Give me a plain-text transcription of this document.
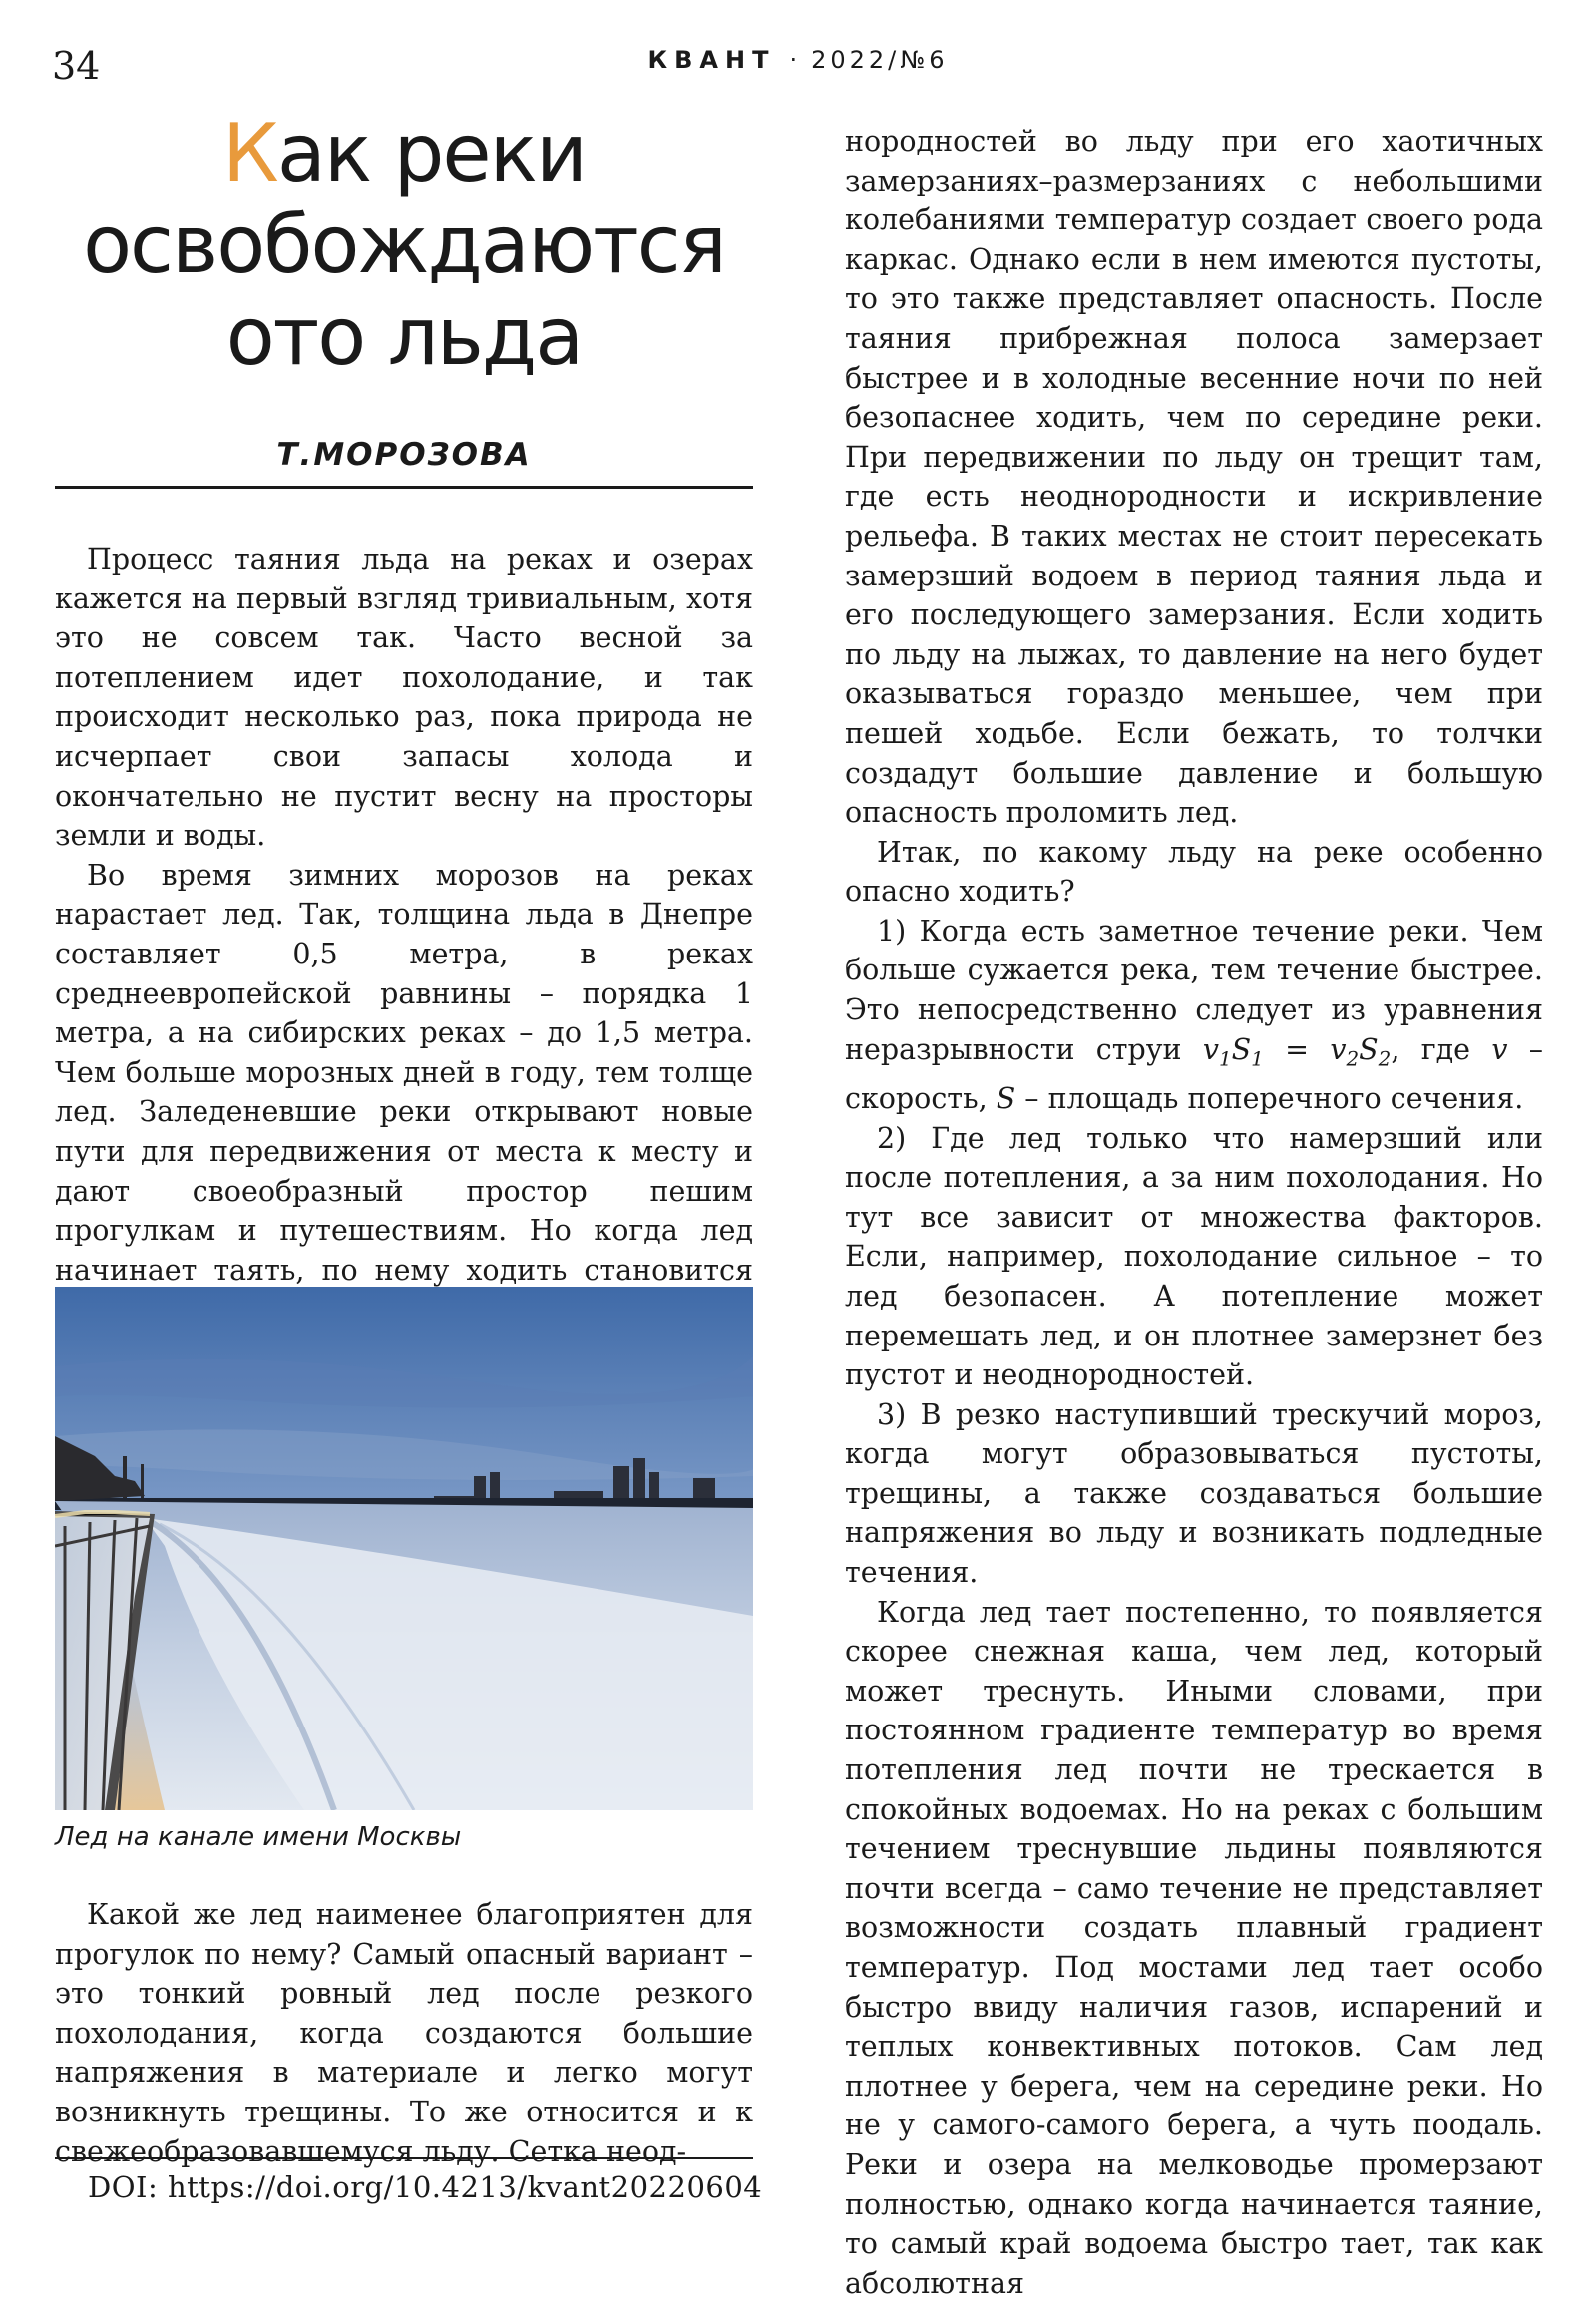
34	КВАНТ · 2022/№6
Как реки
освобождаются
ото льда
Т.МОРОЗОВА

Процесс таяния льда на реках и озерах кажется на первый взгляд тривиальным, хотя это не совсем так. Часто весной за потеплением идет похолодание, и так происходит несколько раз, пока природа не исчерпает свои запасы холода и окончательно не пустит весну на просторы земли и воды.

Во время зимних морозов на реках нарастает лед. Так, толщина льда в Днепре составляет 0,5 метра, в реках среднеевропейской равнины – порядка 1 метра, а на сибирских реках – до 1,5 метра. Чем больше морозных дней в году, тем толще лед. Заледеневшие реки открывают новые пути для передвижения от места к месту и дают своеобразный простор пешим прогулкам и путешествиям. Но когда лед начинает таять, по нему ходить становится

Лед на канале имени Москвы

Какой же лед наименее благоприятен для прогулок по нему? Самый опасный вариант – это тонкий ровный лед после резкого похолодания, когда создаются большие напряжения в материале и легко могут возникнуть трещины. То же относится и к свежеобразовавшемуся льду. Сетка неод-

DOI: https://doi.org/10.4213/kvant20220604

нородностей во льду при его хаотичных замерзаниях–размерзаниях с небольшими колебаниями температур создает своего рода каркас. Однако если в нем имеются пустоты, то это также представляет опасность. После таяния прибрежная полоса замерзает быстрее и в холодные весенние ночи по ней безопаснее ходить, чем по середине реки. При передвижении по льду он трещит там, где есть неоднородности и искривление рельефа. В таких местах не стоит пересекать замерзший водоем в период таяния льда и его последующего замерзания. Если ходить по льду на лыжах, то давление на него будет оказываться гораздо меньшее, чем при пешей ходьбе. Если бежать, то толчки создадут большие давление и большую опасность проломить лед.

Итак, по какому льду на реке особенно опасно ходить?

1) Когда есть заметное течение реки. Чем больше сужается река, тем течение быстрее. Это непосредственно следует из уравнения неразрывности струи $v_1S_1 = v_2S_2$, где v – скорость, S – площадь поперечного сечения.

2) Где лед только что намерзший или после потепления, а за ним похолодания. Но тут все зависит от множества факторов. Если, например, похолодание сильное – то лед безопасен. А потепление может перемешать лед, и он плотнее замерзнет без пустот и неоднородностей.

3) В резко наступивший трескучий мороз, когда могут образовываться пустоты, трещины, а также создаваться большие напряжения во льду и возникать подледные течения.

Когда лед тает постепенно, то появляется скорее снежная каша, чем лед, который может треснуть. Иными словами, при постоянном градиенте температур во время потепления лед почти не трескается в спокойных водоемах. Но на реках с большим течением треснувшие льдины появляются почти всегда – само течение не представляет возможности создать плавный градиент температур. Под мостами лед тает особо быстро ввиду наличия газов, испарений и теплых конвективных потоков. Сам лед плотнее у берега, чем на середине реки. Но не у самого-самого берега, а чуть поодаль. Реки и озера на мелководье промерзают полностью, однако когда начинается таяние, то самый край водоема быстро тает, так как абсолютная
